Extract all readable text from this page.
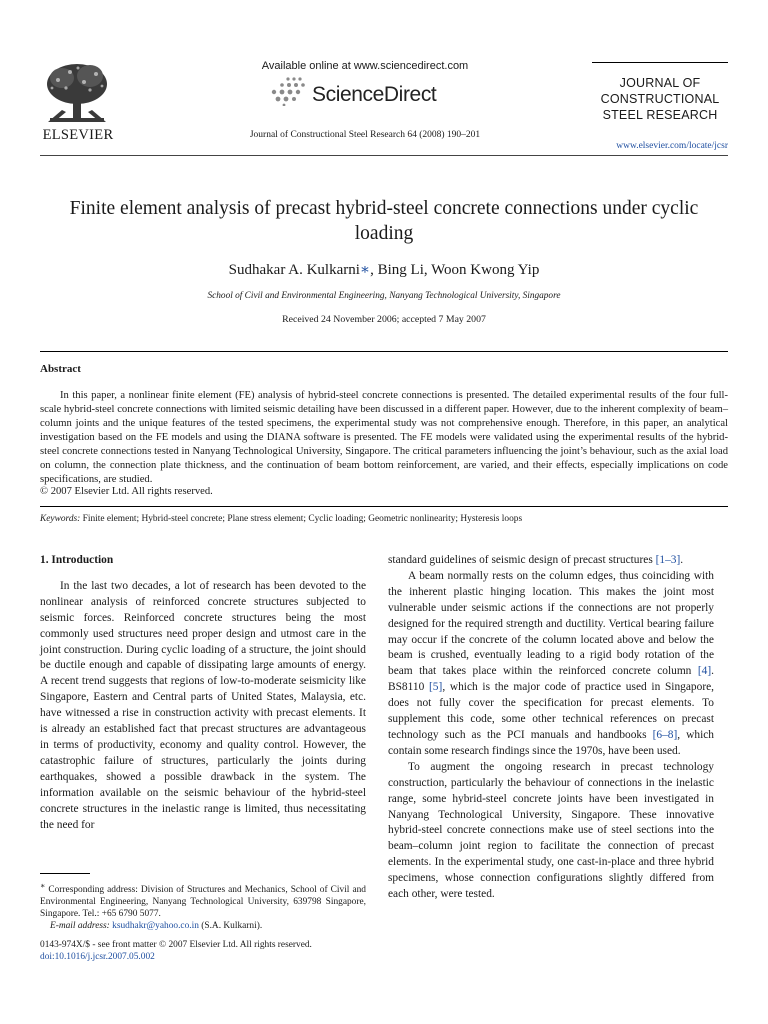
ELSEVIER
Available online at www.sciencedirect.com
ScienceDirect
Journal of Constructional Steel Research 64 (2008) 190–201
JOURNAL OF
CONSTRUCTIONAL
STEEL RESEARCH
www.elsevier.com/locate/jcsr
Finite element analysis of precast hybrid-steel concrete connections under cyclic loading
Sudhakar A. Kulkarni∗, Bing Li, Woon Kwong Yip
School of Civil and Environmental Engineering, Nanyang Technological University, Singapore
Received 24 November 2006; accepted 7 May 2007
Abstract

In this paper, a nonlinear finite element (FE) analysis of hybrid-steel concrete connections is presented. The detailed experimental results of the four full-scale hybrid-steel concrete connections with limited seismic detailing have been discussed in a different paper. However, due to the inherent complexity of beam–column joints and the unique features of the tested specimens, the experimental study was not comprehensive enough. Therefore, in this paper, an analytical investigation based on the FE models and using the DIANA software is presented. The FE models were validated using the experimental results of the hybrid-steel concrete connections tested in Nanyang Technological University, Singapore. The critical parameters influencing the joint’s behaviour, such as the axial load on column, the connection plate thickness, and the continuation of beam bottom reinforcement, are varied, and their effects, especially implications on code specifications, are studied.

© 2007 Elsevier Ltd. All rights reserved.
Keywords: Finite element; Hybrid-steel concrete; Plane stress element; Cyclic loading; Geometric nonlinearity; Hysteresis loops

1. Introduction

In the last two decades, a lot of research has been devoted to the nonlinear analysis of reinforced concrete structures subjected to seismic forces. Reinforced concrete structures being the most commonly used structures need proper design and utmost care in the joint construction. During cyclic loading of a structure, the joint should be ductile enough and capable of dissipating large amounts of energy. A recent trend suggests that regions of low-to-moderate seismicity like Singapore, Eastern and Central parts of United States, Malaysia, etc. have witnessed a rise in construction activity with precast elements. It is already an established fact that precast structures are advantageous in terms of productivity, economy and quality control. However, the catastrophic failure of structures, particularly the joints during earthquakes, showed a possible drawback in the system. The information available on the seismic behaviour of the hybrid-steel concrete structures in the inelastic range is limited, thus necessitating the need for

∗ Corresponding address: Division of Structures and Mechanics, School of Civil and Environmental Engineering, Nanyang Technological University, 639798 Singapore, Singapore. Tel.: +65 6790 5077.

E-mail address: ksudhakr@yahoo.co.in (S.A. Kulkarni).

0143-974X/$ - see front matter © 2007 Elsevier Ltd. All rights reserved.
doi:10.1016/j.jcsr.2007.05.002

standard guidelines of seismic design of precast structures [1–3].

A beam normally rests on the column edges, thus coinciding with the inherent plastic hinging location. This makes the joint most vulnerable under seismic actions if the connections are not properly designed for the required strength and ductility. Vertical bearing failure may occur if the concrete of the column located above and below the beam is crushed, eventually leading to a rigid body rotation of the beam that takes place within the reinforced concrete column [4]. BS8110 [5], which is the major code of practice used in Singapore, does not fully cover the specification for precast elements. To supplement this code, some other technical references on precast technology such as the PCI manuals and handbooks [6–8], which contain some research findings since the 1970s, have been used.

To augment the ongoing research in precast technology construction, particularly the behaviour of connections in the inelastic range, some hybrid-steel concrete joints have been investigated in Nanyang Technological University, Singapore. These innovative hybrid-steel concrete connections make use of steel sections into the beam–column joint region to facilitate the connection of precast elements. In the experimental study, one cast-in-place and three hybrid specimens, whose connection configurations slightly differed from each other, were tested.
